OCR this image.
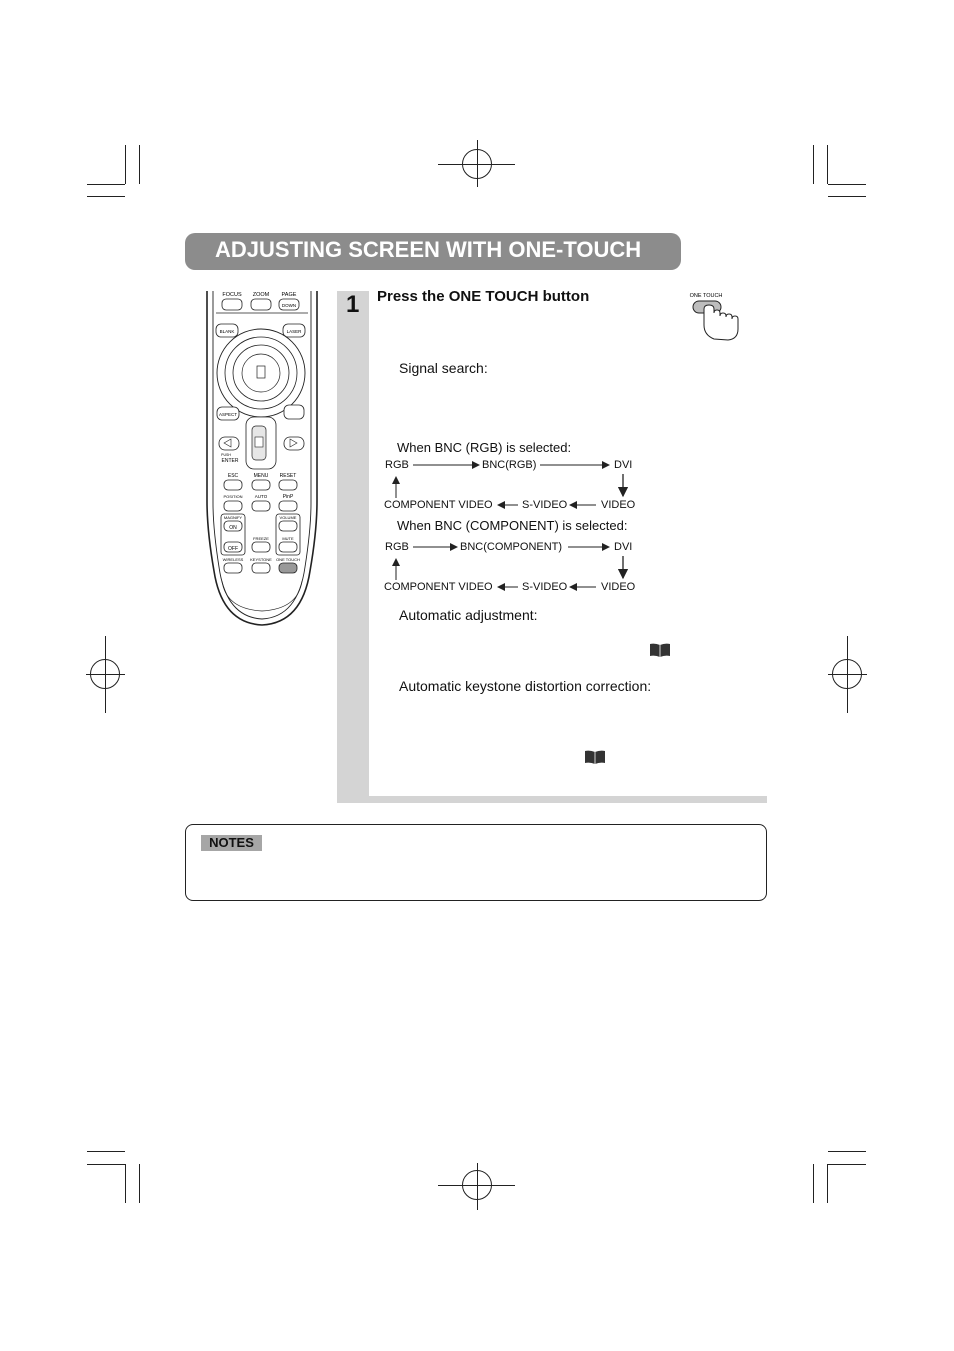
ADJUSTING SCREEN WITH ONE-TOUCH
FOCUS ZOOM PAGE
DOWN
BLANK	LASER
ASPECT
PUSH
ENTER
ESC	MENU RESET
POSITION	AUTO	PinP
MAGNIFY	VOLUME
ON
FREEZE	MUTE
OFF
WIRELESS KEYSTONE ONE TOUCH
1 Press the ONE TOUCH button	ONE TOUCH
Signal search:
When BNC (RGB) is selected:
RGB	BNC(RGB)	DVI
COMPONENT VIDEO	S-VIDEO	VIDEO
When BNC (COMPONENT) is selected:
RGB	BNC(COMPONENT)	DVI
COMPONENT VIDEO	S-VIDEO	VIDEO
Automatic adjustment:
Automatic keystone distortion correction:
NOTES
